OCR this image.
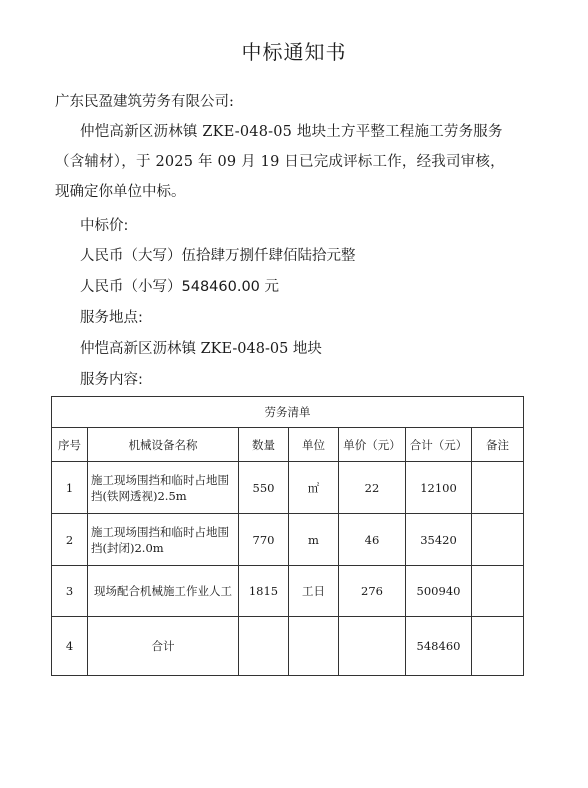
中标通知书
广东民盈建筑劳务有限公司:
仲恺高新区沥林镇 ZKE-048-05 地块土方平整工程施工劳务服务
（含辅材），于 2025 年 09 月 19 日已完成评标工作，经我司审核，
现确定你单位中标。
中标价:
人民币（大写）伍拾肆万捌仟肆佰陆拾元整
人民币（小写）548460.00 元
服务地点:
仲恺高新区沥林镇 ZKE-048-05 地块
服务内容:
劳务清单						
序号	机械设备名称	数量	单位	单价（元）	合计（元）	备注
1	施工现场围挡和临时占地围挡(铁网透视)2.5m	550	㎡	22	12100	
2	施工现场围挡和临时占地围挡(封闭)2.0m	770	m	46	35420	
3	现场配合机械施工作业人工	1815	工日	276	500940	
4	合计				548460	
